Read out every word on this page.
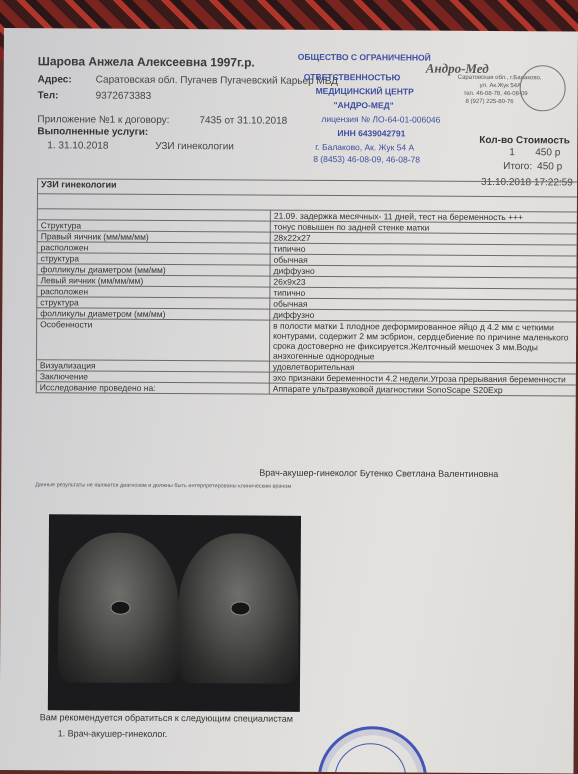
Шарова Анжела Алексеевна 1997г.р.
Адрес: Саратовская обл. Пугачев Пугачевский Карьер МВД
Тел:	9372673383
ОБЩЕСТВО С ОГРАНИЧЕННОЙ
ОТВЕТСТВЕННОСТЬЮ
МЕДИЦИНСКИЙ ЦЕНТР
"АНДРО-МЕД"
лицензия № ЛО-64-01-006046
ИНН 6439042791
г. Балаково, Ак. Жук 54 А
8 (8453) 46-08-09, 46-08-78
Андро-Мед
Саратовская обл., г.Балаково,
ул. Ак.Жук 54А
тел. 46-08-78, 46-08-09
8 (927) 225-80-76
Приложение №1 к договору:	7435 от 31.10.2018
Выполненные услуги:
1. 31.10.2018	УЗИ гинекологии
Кол-во Стоимость
1 450 р
Итого: 450 р
31.10.2018 17:22:59
УЗИ гинекологии	

	21.09. задержка месячных- 11 дней, тест на беременность +++
Структура	тонус повышен по задней стенке матки
Правый яичник (мм/мм/мм)	28x22x27
расположен	типично
структура	обычная
фолликулы диаметром (мм/мм)	диффузно
Левый яичник (мм/мм/мм)	26x9x23
расположен	типично
структура	обычная
фолликулы диаметром (мм/мм)	диффузно
Особенности	в полости матки 1 плодное деформированное яйцо д 4.2 мм с четкими контурами, содержит 2 мм эсбрион, сердцебиение по причине маленького срока достоверно не фиксируется.Желточный мешочек 3 мм.Воды анэхогенные однородные
Визуализация	удовлетворительная
Заключение	эхо признаки беременности 4.2 недели.Угроза прерывания беременности
Исследование проведено на:	Аппарате ультразвуковой диагностики SonoScape S20Exp
Врач-акушер-гинеколог Бутенко Светлана Валентиновна
Данные результаты не являются диагнозом и должны быть интерпретированы клиническим врачом
Вам рекомендуется обратиться к следующим специалистам
1. Врач-акушер-гинеколог.
